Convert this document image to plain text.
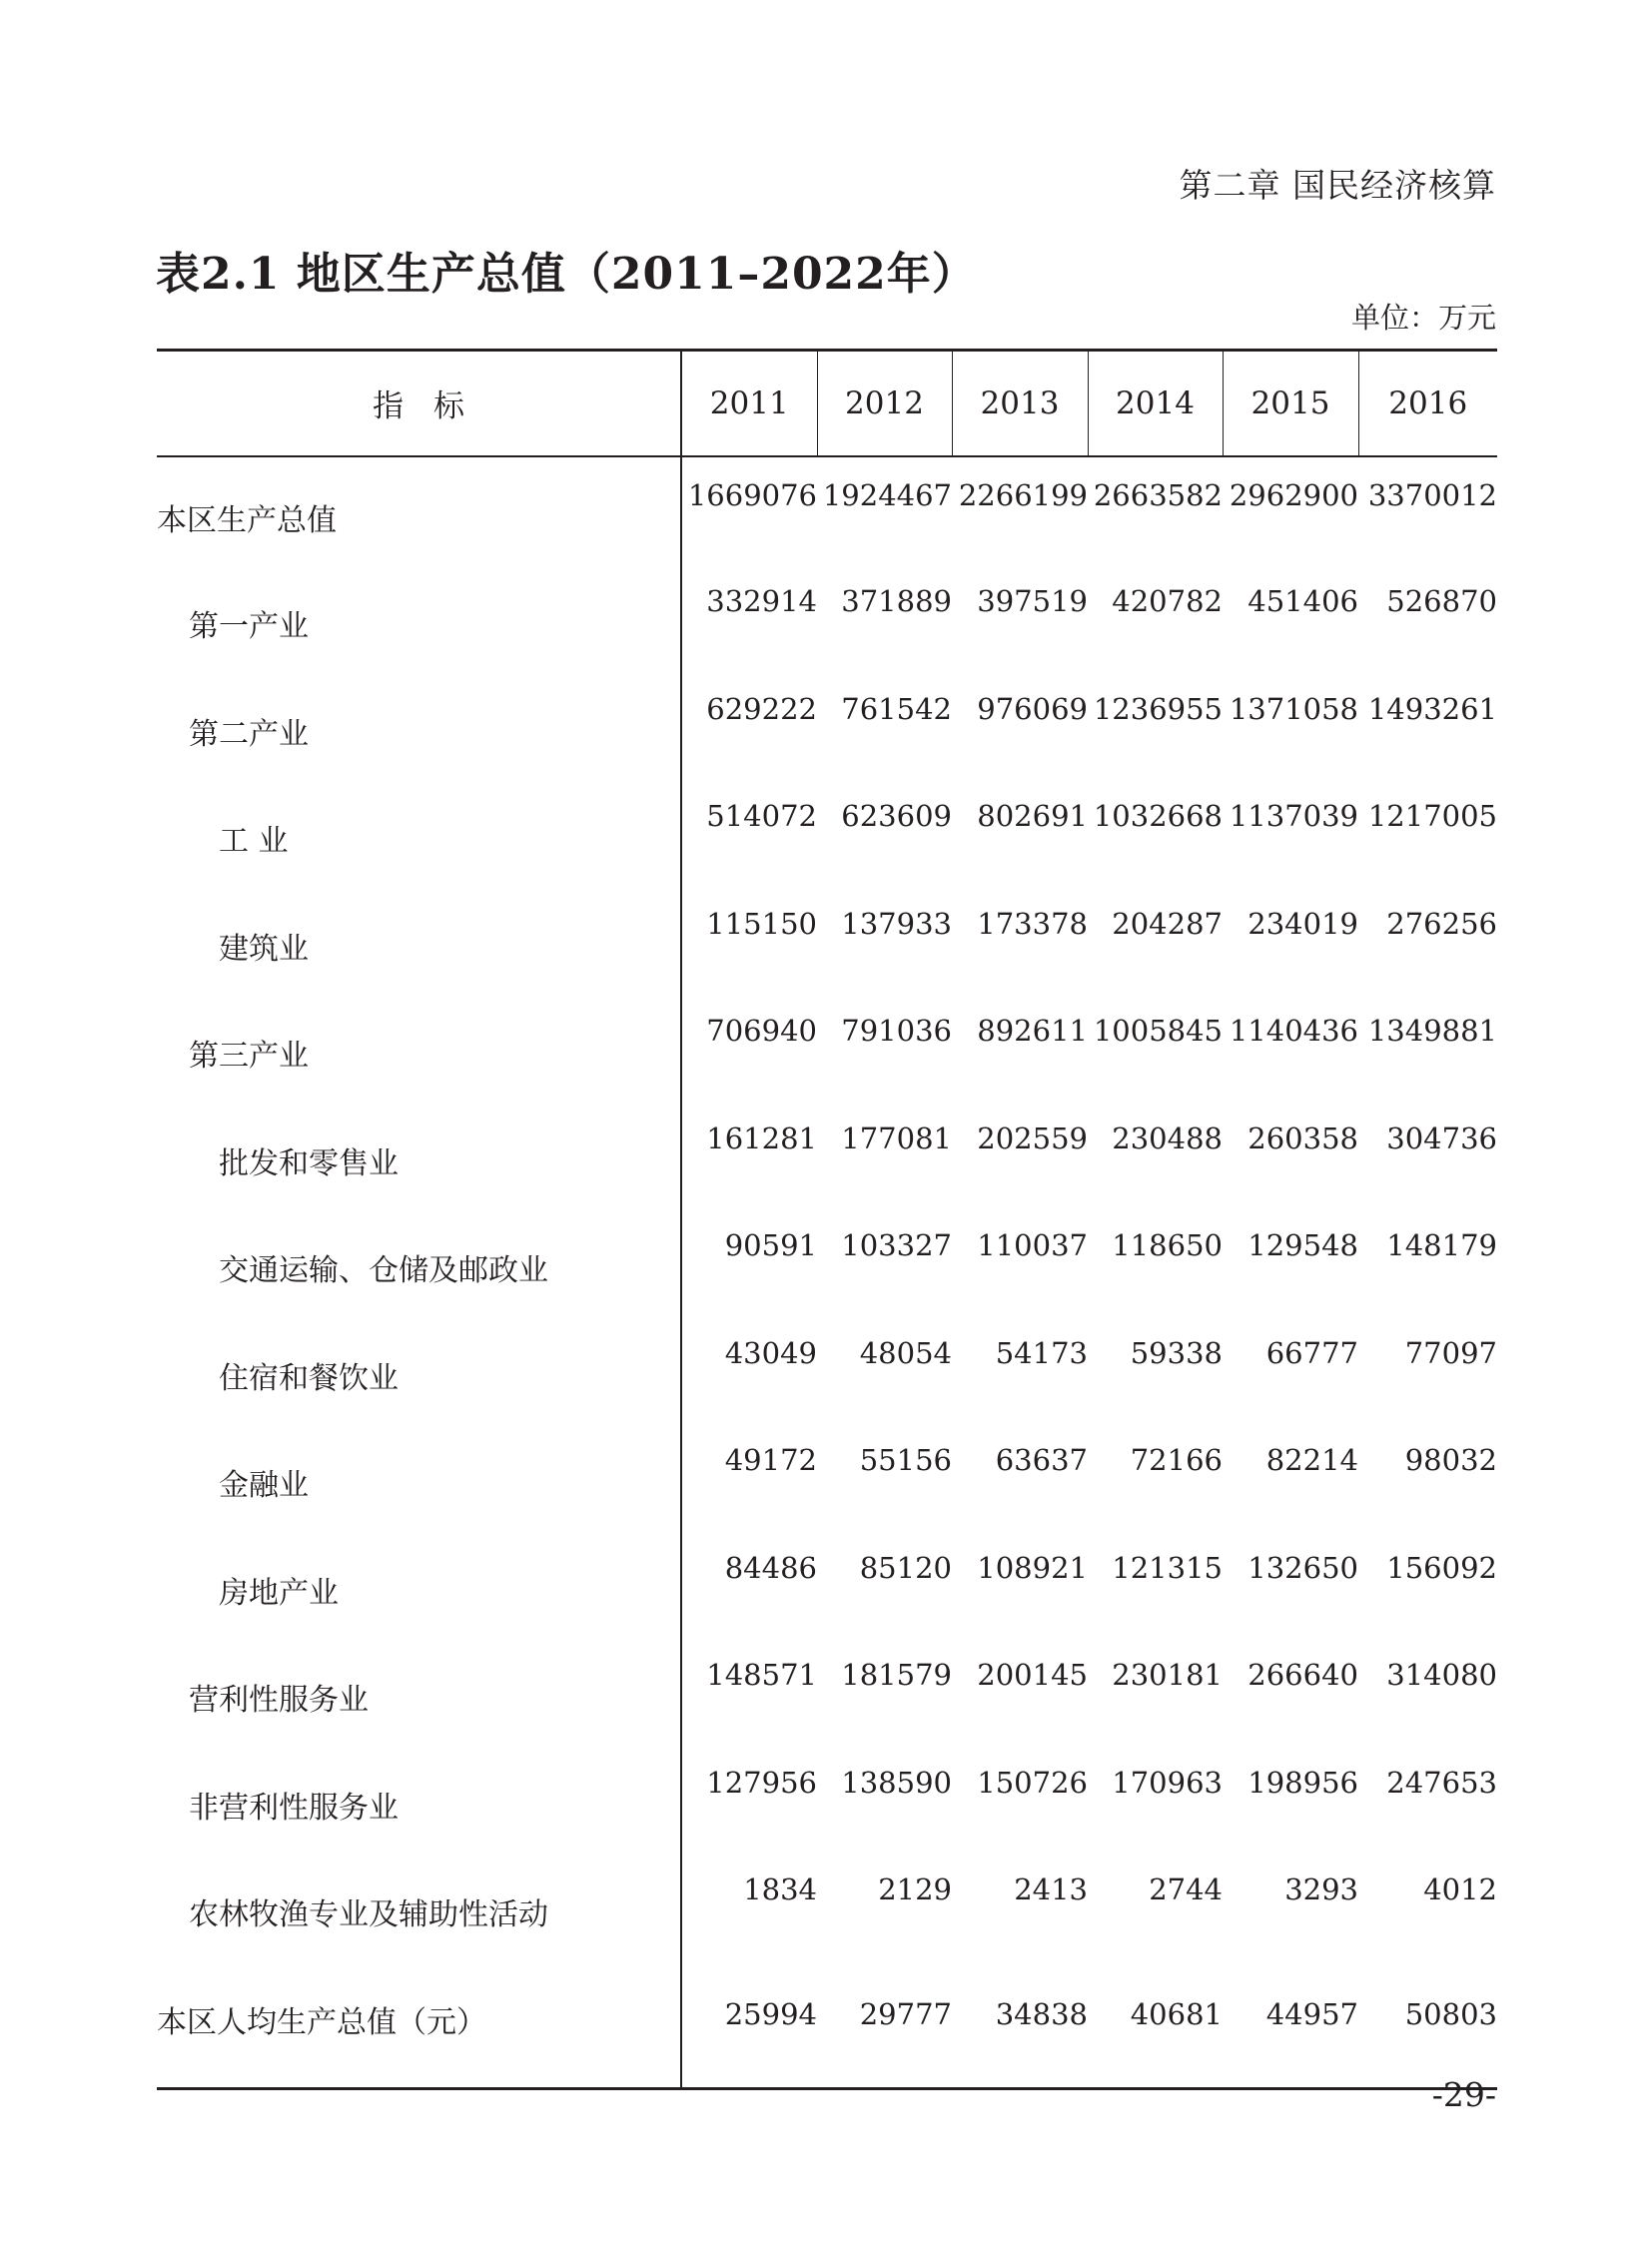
第二章 国民经济核算

表2.1 地区生产总值（2011–2022年）

单位：万元

指标	2011	2012	2013	2014	2015	2016
本区生产总值	1669076	1924467	2266199	2663582	2962900	3370012
第一产业	332914	371889	397519	420782	451406	526870
第二产业	629222	761542	976069	1236955	1371058	1493261
工 业	514072	623609	802691	1032668	1137039	1217005
建筑业	115150	137933	173378	204287	234019	276256
第三产业	706940	791036	892611	1005845	1140436	1349881
批发和零售业	161281	177081	202559	230488	260358	304736
交通运输、仓储及邮政业	90591	103327	110037	118650	129548	148179
住宿和餐饮业	43049	48054	54173	59338	66777	77097
金融业	49172	55156	63637	72166	82214	98032
房地产业	84486	85120	108921	121315	132650	156092
营利性服务业	148571	181579	200145	230181	266640	314080
非营利性服务业	127956	138590	150726	170963	198956	247653
农林牧渔专业及辅助性活动	1834	2129	2413	2744	3293	4012
本区人均生产总值（元）	25994	29777	34838	40681	44957	50803

-29-
